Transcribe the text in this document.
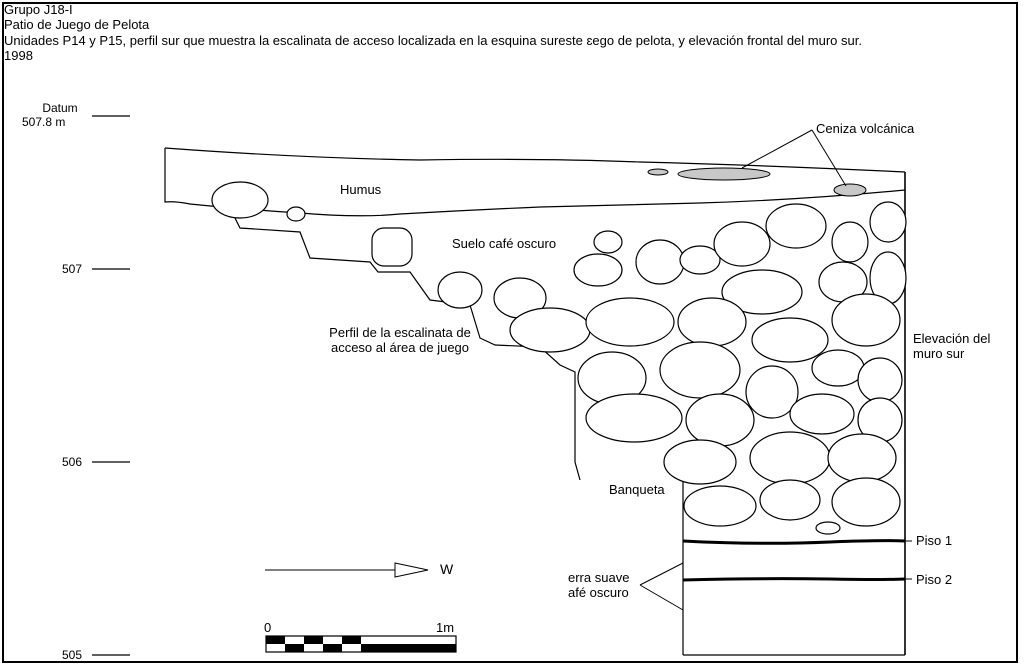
Grupo J18-I
Patio de Juego de Pelota
Unidades P14 y P15, perfil sur que muestra la escalinata de acceso localizada en la esquina sureste ɛego de pelota, y elevación frontal del muro sur.
1998
Datum
507.8 m
507
506
505
Humus
Suelo café oscuro
Ceniza volcánica
Perfil de la escalinata de
acceso al área de juego
Elevación del
muro sur
Banqueta
Piso 1
Piso 2
erra suave
afé oscuro
W
0	1m
